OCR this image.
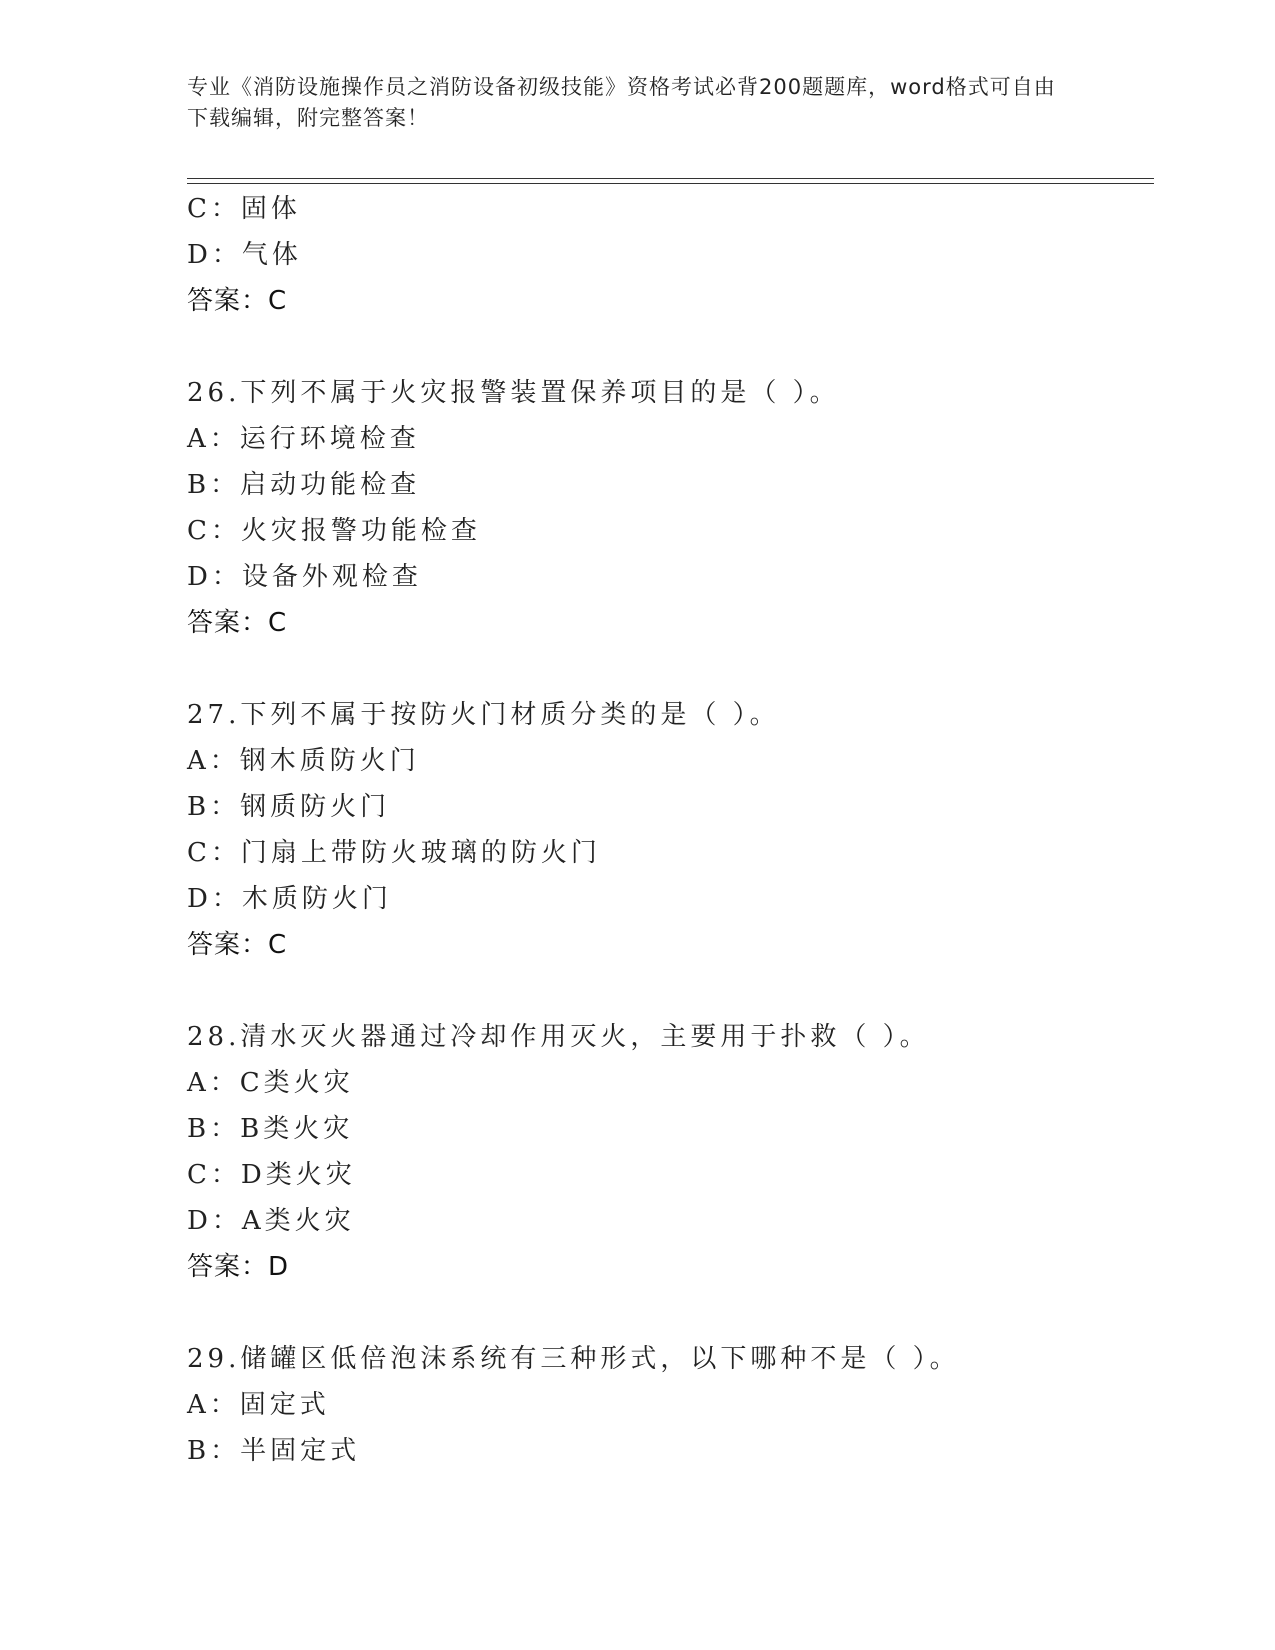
专业《消防设施操作员之消防设备初级技能》资格考试必背200题题库，word格式可自由下载编辑，附完整答案！
C：固体
D：气体
答案：C
26.下列不属于火灾报警装置保养项目的是（ ）。
A：运行环境检查
B：启动功能检查
C：火灾报警功能检查
D：设备外观检查
答案：C
27.下列不属于按防火门材质分类的是（ ）。
A：钢木质防火门
B：钢质防火门
C：门扇上带防火玻璃的防火门
D：木质防火门
答案：C
28.清水灭火器通过冷却作用灭火，主要用于扑救（ ）。
A：C类火灾
B：B类火灾
C：D类火灾
D：A类火灾
答案：D
29.储罐区低倍泡沫系统有三种形式，以下哪种不是（ ）。
A：固定式
B：半固定式
